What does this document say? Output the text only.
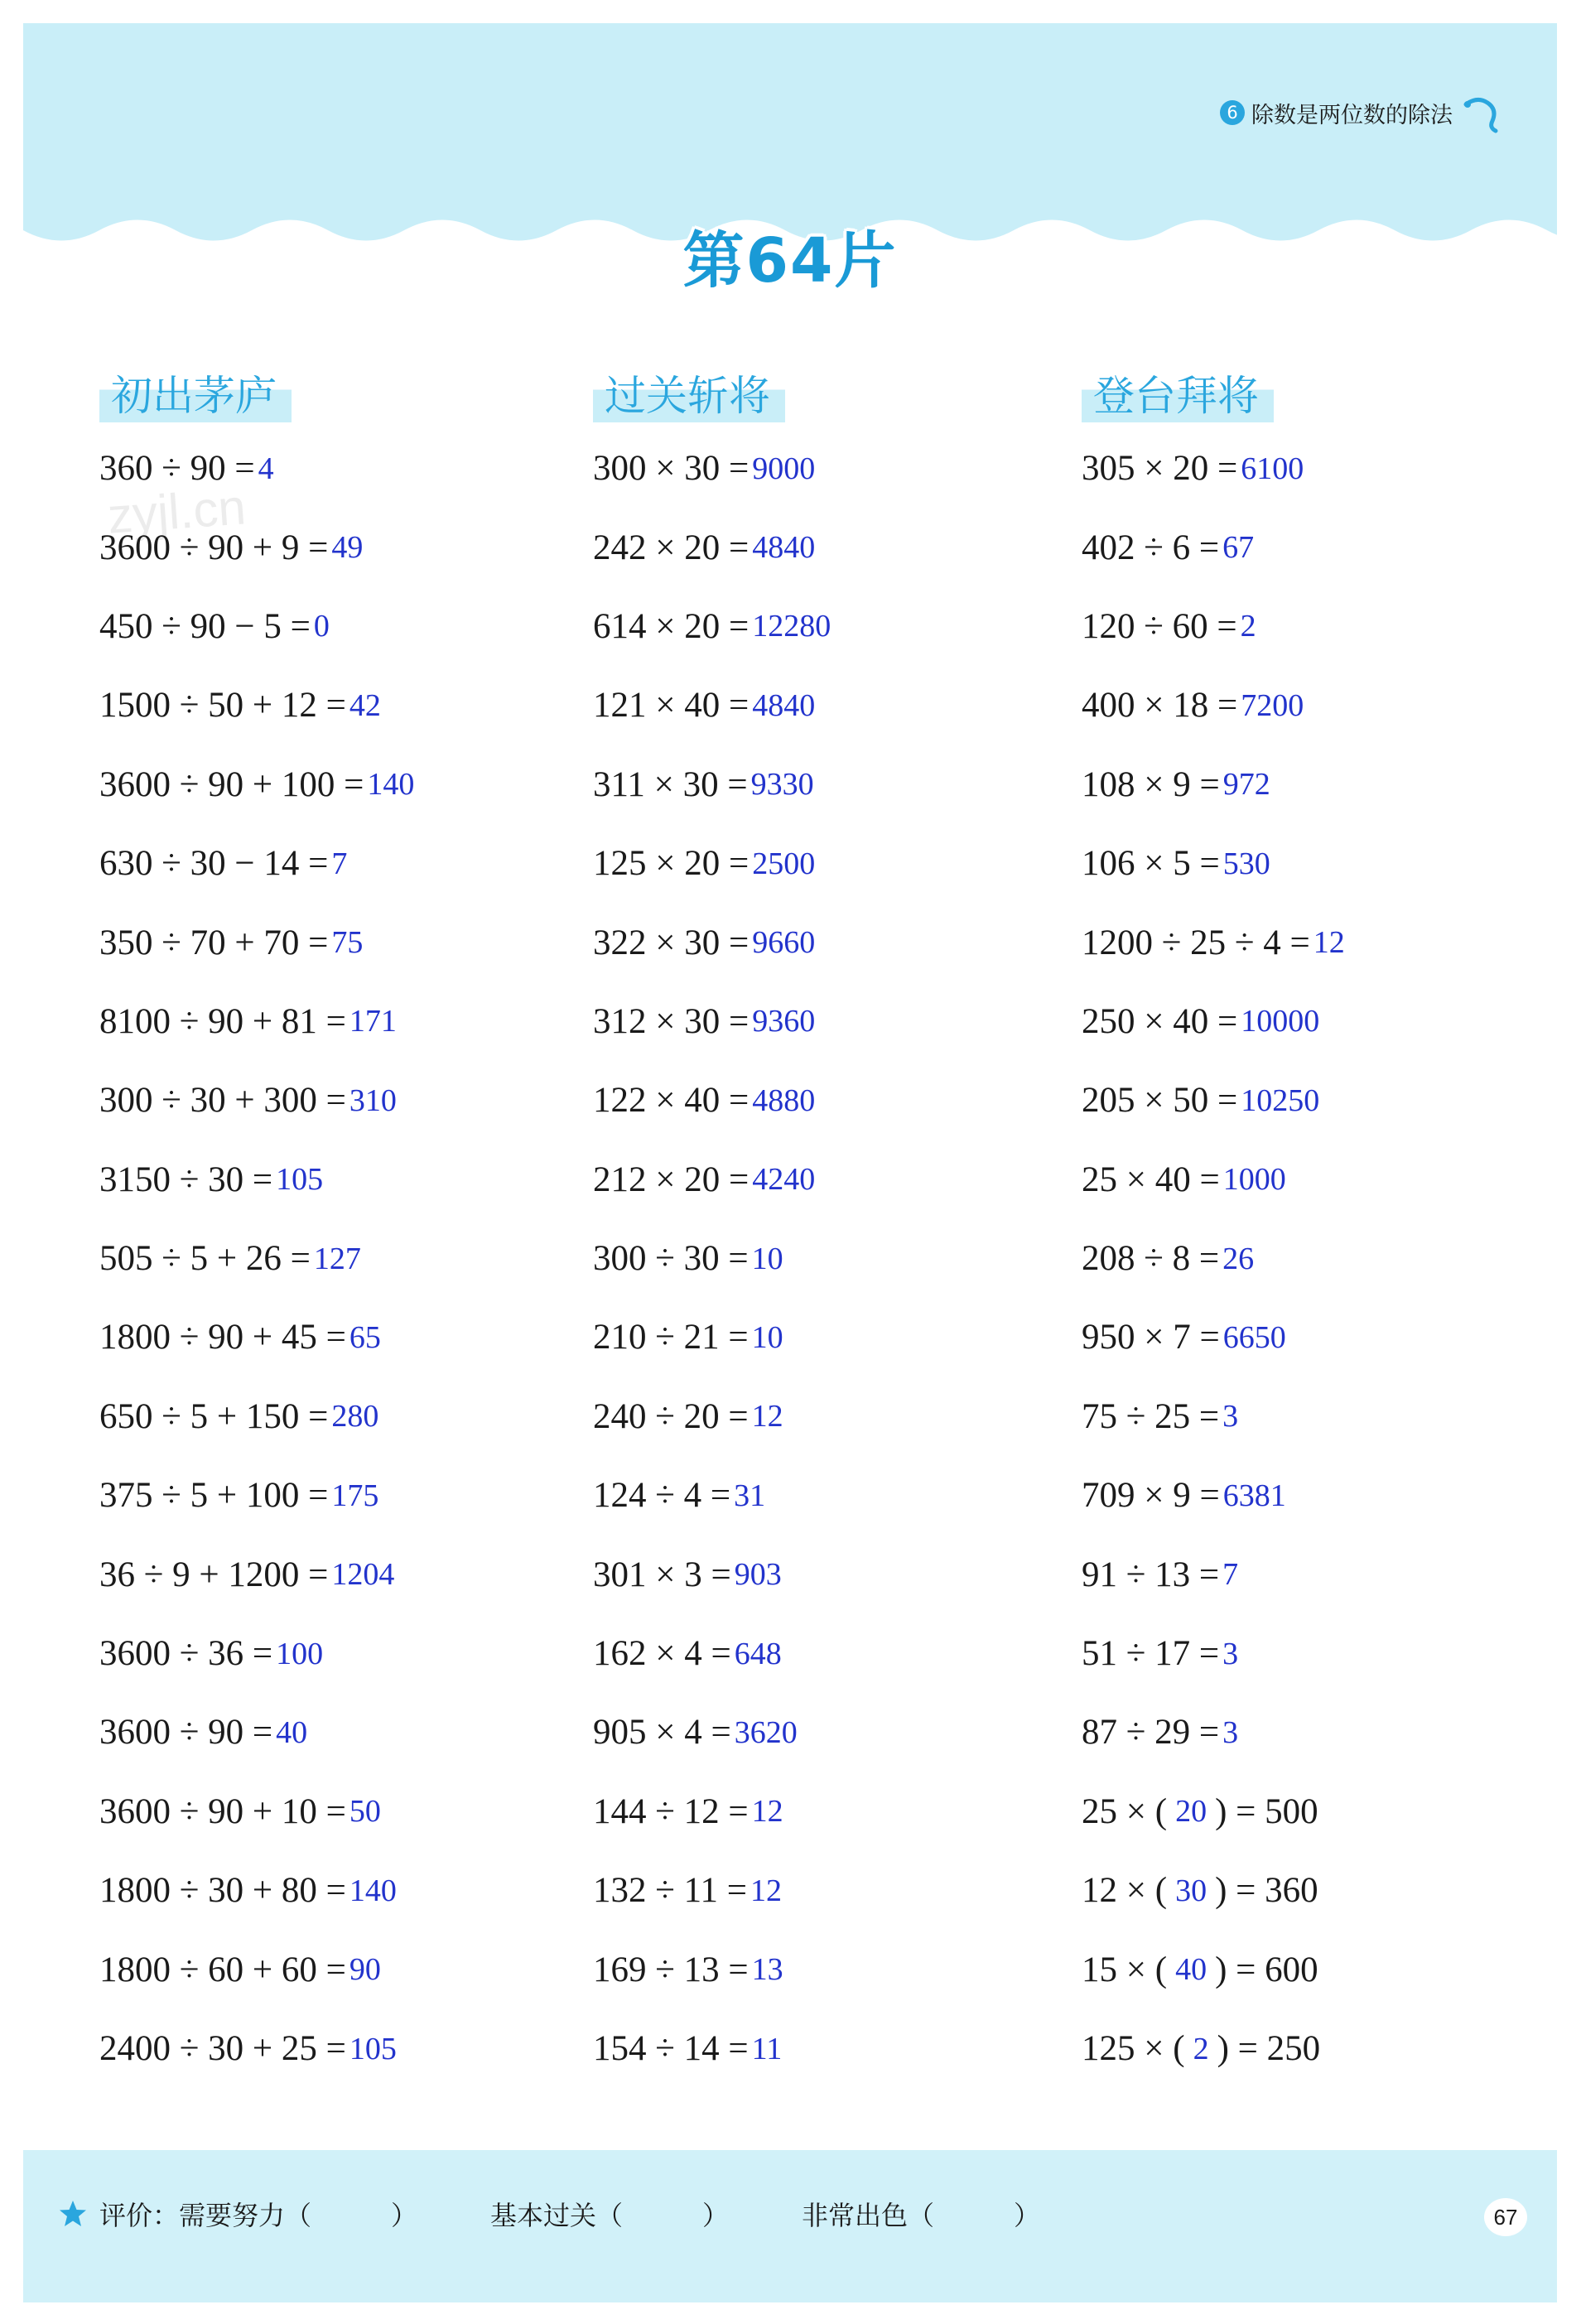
6 除数是两位数的除法
第64片
zyjl.cn
初出茅庐
360 ÷ 90 = 4
3600 ÷ 90 + 9 = 49
450 ÷ 90 − 5 = 0
1500 ÷ 50 + 12 = 42
3600 ÷ 90 + 100 = 140
630 ÷ 30 − 14 = 7
350 ÷ 70 + 70 = 75
8100 ÷ 90 + 81 = 171
300 ÷ 30 + 300 = 310
3150 ÷ 30 = 105
505 ÷ 5 + 26 = 127
1800 ÷ 90 + 45 = 65
650 ÷ 5 + 150 = 280
375 ÷ 5 + 100 = 175
36 ÷ 9 + 1200 = 1204
3600 ÷ 36 = 100
3600 ÷ 90 = 40
3600 ÷ 90 + 10 = 50
1800 ÷ 30 + 80 = 140
1800 ÷ 60 + 60 = 90
2400 ÷ 30 + 25 = 105
过关斩将
300 × 30 = 9000
242 × 20 = 4840
614 × 20 = 12280
121 × 40 = 4840
311 × 30 = 9330
125 × 20 = 2500
322 × 30 = 9660
312 × 30 = 9360
122 × 40 = 4880
212 × 20 = 4240
300 ÷ 30 = 10
210 ÷ 21 = 10
240 ÷ 20 = 12
124 ÷ 4 = 31
301 × 3 = 903
162 × 4 = 648
905 × 4 = 3620
144 ÷ 12 = 12
132 ÷ 11 = 12
169 ÷ 13 = 13
154 ÷ 14 = 11
登台拜将
305 × 20 = 6100
402 ÷ 6 = 67
120 ÷ 60 = 2
400 × 18 = 7200
108 × 9 = 972
106 × 5 = 530
1200 ÷ 25 ÷ 4 = 12
250 × 40 = 10000
205 × 50 = 10250
25 × 40 = 1000
208 ÷ 8 = 26
950 × 7 = 6650
75 ÷ 25 = 3
709 × 9 = 6381
91 ÷ 13 = 7
51 ÷ 17 = 3
87 ÷ 29 = 3
25 × ( 20 ) = 500
12 × ( 30 ) = 360
15 × ( 40 ) = 600
125 × ( 2 ) = 250
评价： 需要努力（　　　）	基本过关（　　　）	非常出色（　　　）	67
